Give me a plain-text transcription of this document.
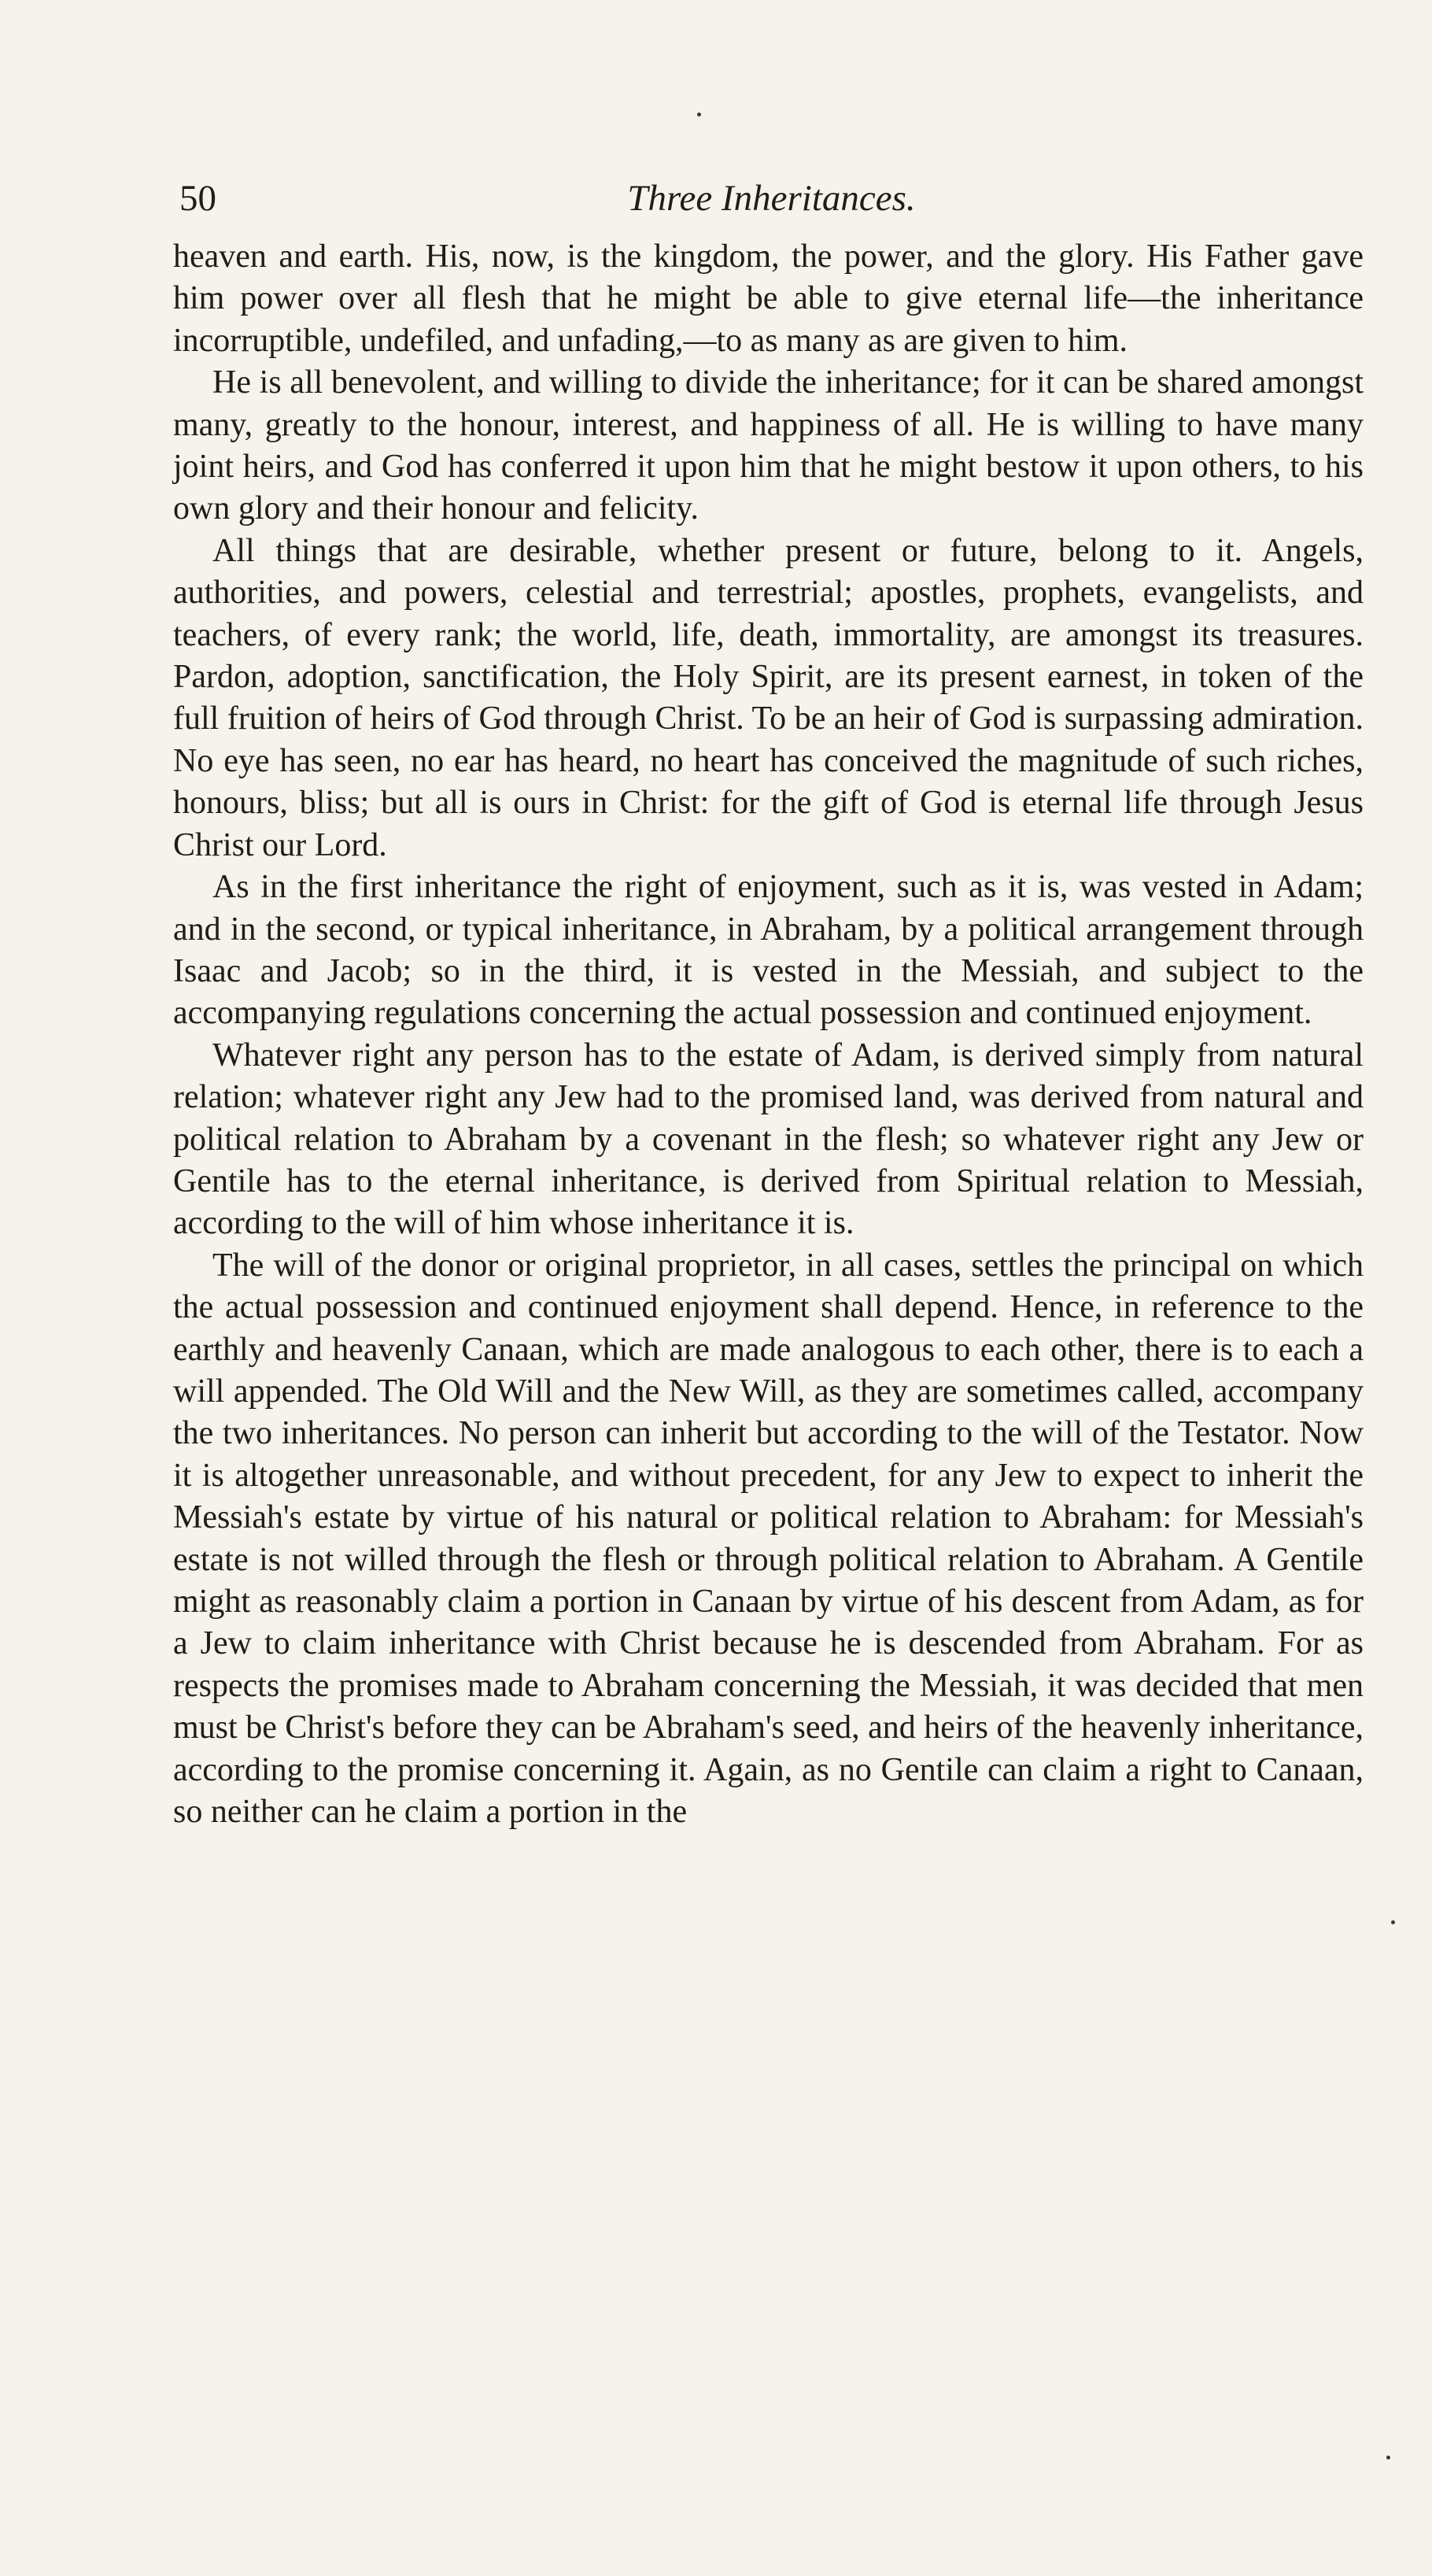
50	Three Inheritances.

heaven and earth. His, now, is the kingdom, the power, and the glory. His Father gave him power over all flesh that he might be able to give eternal life—the inheritance incorruptible, undefiled, and unfading,—to as many as are given to him.

He is all benevolent, and willing to divide the inheritance; for it can be shared amongst many, greatly to the honour, interest, and happiness of all. He is willing to have many joint heirs, and God has conferred it upon him that he might bestow it upon others, to his own glory and their honour and felicity.

All things that are desirable, whether present or future, belong to it. Angels, authorities, and powers, celestial and terrestrial; apostles, prophets, evangelists, and teachers, of every rank; the world, life, death, immortality, are amongst its treasures. Pardon, adoption, sanctification, the Holy Spirit, are its present earnest, in token of the full fruition of heirs of God through Christ. To be an heir of God is surpassing admiration. No eye has seen, no ear has heard, no heart has conceived the magnitude of such riches, honours, bliss; but all is ours in Christ: for the gift of God is eternal life through Jesus Christ our Lord.

As in the first inheritance the right of enjoyment, such as it is, was vested in Adam; and in the second, or typical inheritance, in Abraham, by a political arrangement through Isaac and Jacob; so in the third, it is vested in the Messiah, and subject to the accompanying regulations concerning the actual possession and continued enjoyment.

Whatever right any person has to the estate of Adam, is derived simply from natural relation; whatever right any Jew had to the promised land, was derived from natural and political relation to Abraham by a covenant in the flesh; so whatever right any Jew or Gentile has to the eternal inheritance, is derived from Spiritual relation to Messiah, according to the will of him whose inheritance it is.

The will of the donor or original proprietor, in all cases, settles the principal on which the actual possession and continued enjoyment shall depend. Hence, in reference to the earthly and heavenly Canaan, which are made analogous to each other, there is to each a will appended. The Old Will and the New Will, as they are sometimes called, accompany the two inheritances. No person can inherit but according to the will of the Testator. Now it is altogether unreasonable, and without precedent, for any Jew to expect to inherit the Messiah's estate by virtue of his natural or political relation to Abraham: for Messiah's estate is not willed through the flesh or through political relation to Abraham. A Gentile might as reasonably claim a portion in Canaan by virtue of his descent from Adam, as for a Jew to claim inheritance with Christ because he is descended from Abraham. For as respects the promises made to Abraham concerning the Messiah, it was decided that men must be Christ's before they can be Abraham's seed, and heirs of the heavenly inheritance, according to the promise concerning it. Again, as no Gentile can claim a right to Canaan, so neither can he claim a portion in the
